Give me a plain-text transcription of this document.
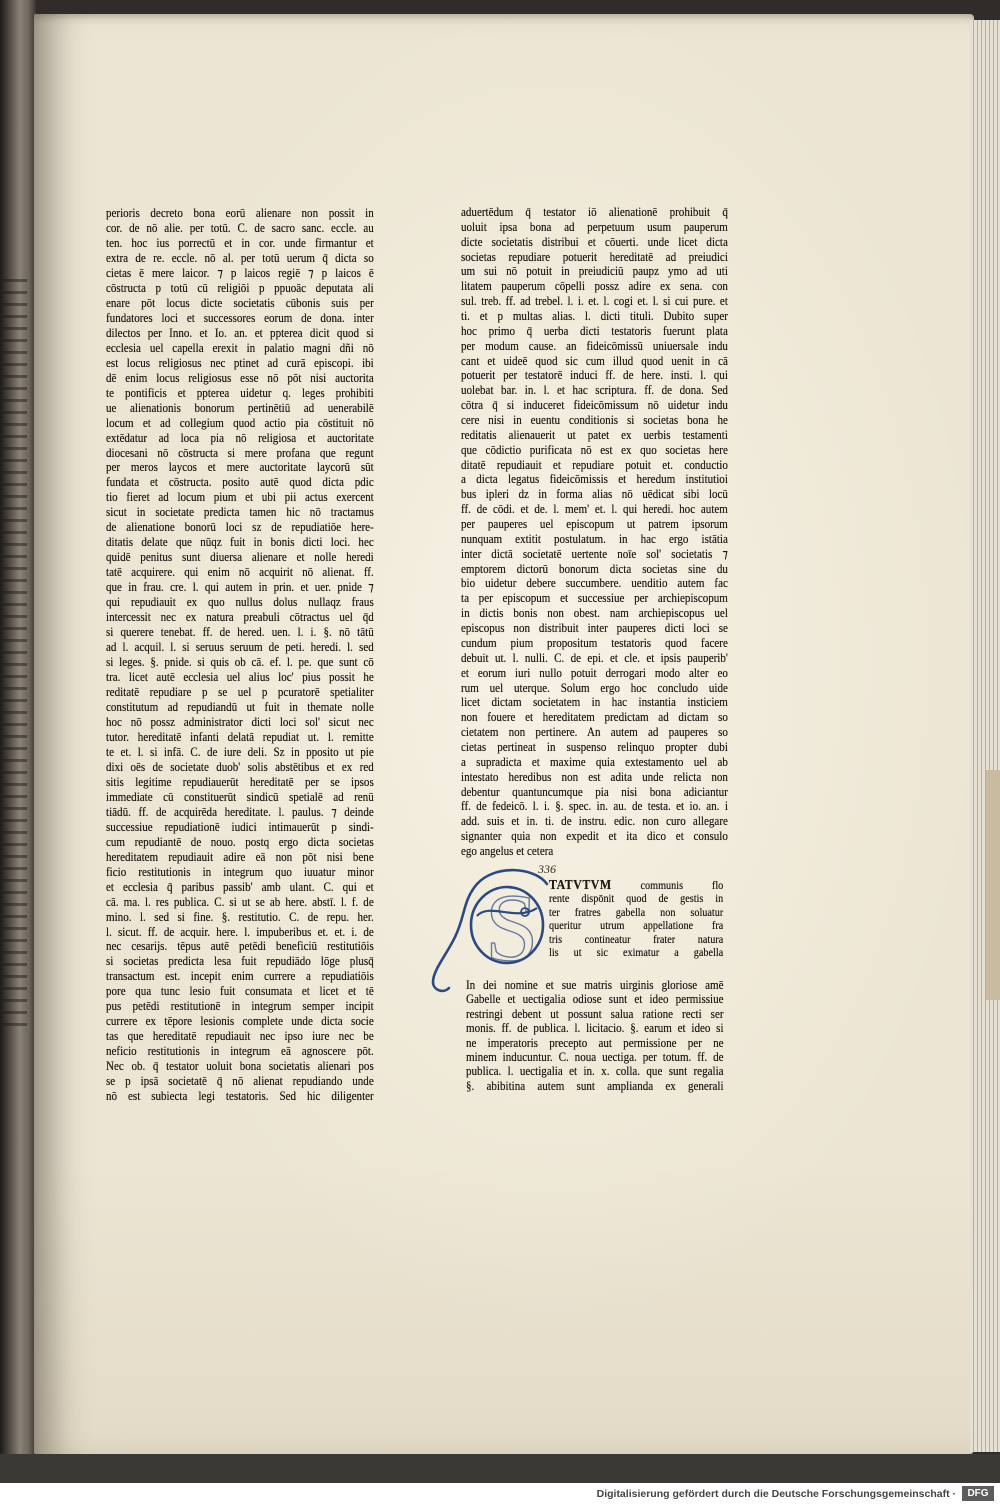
perioris decreto bona eorū alienare non possit in
cor. de nō alie. per totū. C. de sacro sanc. eccle. au
ten. hoc ius porrectū et in cor. unde firmantur et
extra de re. eccle. nō al. per totū uerum q̄ dicta so
cietas ē mere laicor. ⁊ p laicos regiē ⁊ p laicos ē
cōstructa p totū cū religiōi p ppuoāc deputata ali
enare pōt locus dicte societatis cūbonis suis per
fundatores loci et successores eorum de dona. inter
dilectos per Inno. et Io. an. et ppterea dicit quod si
ecclesia uel capella erexit in palatio magni dñi nō
est locus religiosus nec ptinet ad curā episcopi. ibi
dē enim locus religiosus esse nō pōt nisi auctorita
te pontificis et ppterea uidetur q. leges prohibiti
ue alienationis bonorum pertinētiū ad uenerabilē
locum et ad collegium quod actio pia cōstituit nō
extēdatur ad loca pia nō religiosa et auctoritate
diocesani nō cōstructa si mere profana que regunt
per meros laycos et mere auctoritate laycorū sūt
fundata et cōstructa. posito autē quod dicta pdic
tio fieret ad locum pium et ubi pii actus exercent
sicut in societate predicta tamen hic nō tractamus
de alienatione bonorū loci sz de repudiatiōe here-
ditatis delate que nūqz fuit in bonis dicti loci. hec
quidē penitus sunt diuersa alienare et nolle heredi
tatē acquirere. qui enim nō acquirit nō alienat. ff.
que in frau. cre. l. qui autem in prin. et uer. pnide ⁊
qui repudiauit ex quo nullus dolus nullaqz fraus
intercessit nec ex natura preabuli cōtractus uel q̄d
si querere tenebat. ff. de hered. uen. l. i. §. nō tātū
ad l. acquil. l. si seruus seruum de peti. heredi. l. sed
si leges. §. pnide. si quis ob cā. ef. l. pe. que sunt cō
tra. licet autē ecclesia uel alius loc' pius possit he
reditatē repudiare p se uel p pcuratorē spetialiter
constitutum ad repudiandū ut fuit in themate nolle
hoc nō possz administrator dicti loci sol' sicut nec
tutor. hereditatē infanti delatā repudiat ut. l. remitte
te et. l. si infā. C. de iure deli. Sz in pposito ut pie
dixi oēs de societate duob' solis abstētibus et ex red
sitis legitime repudiauerūt hereditatē per se ipsos
immediate cū constituerūt sindicū spetialē ad renū
tiādū. ff. de acquirēda hereditate. l. paulus. ⁊ deinde
successiue repudiationē iudici intimauerūt p sindi-
cum repudiantē de nouo. postq ergo dicta societas
hereditatem repudiauit adire eā non pōt nisi bene
ficio restitutionis in integrum quo iuuatur minor
et ecclesia q̄ paribus passib' amb ulant. C. qui et
cā. ma. l. res publica. C. si ut se ab here. abstī. l. f. de
mino. l. sed si fine. §. restitutio. C. de repu. her.
l. sicut. ff. de acquir. here. l. impuberibus et. et. i. de
nec cesarijs. tēpus autē petēdi beneficiū restitutiōis
si societas predicta lesa fuit repudiādo lōge plusq̄
transactum est. incepit enim currere a repudiatiōis
pore qua tunc lesio fuit consumata et licet et tē
pus petēdi restitutionē in integrum semper incipit
currere ex tēpore lesionis complete unde dicta socie
tas que hereditatē repudiauit nec ipso iure nec be
neficio restitutionis in integrum eā agnoscere pōt.
Nec ob. q̄ testator uoluit bona societatis alienari pos
se p ipsā societatē q̄ nō alienat repudiando unde
nō est subiecta legi testatoris. Sed hic diligenter
aduertēdum q̄ testator iō alienationē prohibuit q̄
uoluit ipsa bona ad perpetuum usum pauperum
dicte societatis distribui et cōuerti. unde licet dicta
societas repudiare potuerit hereditatē ad preiudici
um sui nō potuit in preiudiciū paupz ymo ad uti
litatem pauperum cōpelli possz adire ex sena. con
sul. treb. ff. ad trebel. l. i. et. l. cogi et. l. si cui pure. et
ti. et p multas alias. l. dicti tituli. Dubito super
hoc primo q̄ uerba dicti testatoris fuerunt plata
per modum cause. an fideicōmissū uniuersale indu
cant et uideē quod sic cum illud quod uenit in cā
potuerit per testatorē induci ff. de here. insti. l. qui
uolebat bar. in. l. et hac scriptura. ff. de dona. Sed
cōtra q̄ si induceret fideicōmissum nō uidetur indu
cere nisi in euentu conditionis si societas bona he
reditatis alienauerit ut patet ex uerbis testamenti
que cōdictio purificata nō est ex quo societas here
ditatē repudiauit et repudiare potuit et. conductio
a dicta legatus fideicōmissis et heredum institutioi
bus ipleri dz in forma alias nō uēdicat sibi locū
ff. de cōdi. et de. l. mem' et. l. qui heredi. hoc autem
per pauperes uel episcopum ut patrem ipsorum
nunquam extitit postulatum. in hac ergo istātia
inter dictā societatē uertente noīe sol' societatis ⁊
emptorem dictorū bonorum dicta societas sine du
bio uidetur debere succumbere. uenditio autem fac
ta per episcopum et successiue per archiepiscopum
in dictis bonis non obest. nam archiepiscopus uel
episcopus non distribuit inter pauperes dicti loci se
cundum pium propositum testatoris quod facere
debuit ut. l. nulli. C. de epi. et cle. et ipsis pauperib'
et eorum iuri nullo potuit derrogari modo alter eo
rum uel uterque. Solum ergo hoc concludo uide
licet dictam societatem in hac instantia insticiem
non fouere et hereditatem predictam ad dictam so
cietatem non pertinere. An autem ad pauperes so
cietas pertineat in suspenso relinquo propter dubi
a supradicta et maxime quia extestamento uel ab
intestato heredibus non est adita unde relicta non
debentur quantuncumque pia nisi bona adiciantur
ff. de fedeicō. l. i. §. spec. in. au. de testa. et io. an. i
add. suis et in. ti. de instru. edic. non curo allegare
signanter quia non expedit et ita dico et consulo
ego angelus et cetera
336
S TATVTVM communis flo
rente dispōnit quod de gestis in
ter fratres gabella non soluatur
queritur utrum appellatione fra
tris contineatur frater natura
lis ut sic eximatur a gabella
In dei nomine et sue matris uirginis gloriose amē
Gabelle et uectigalia odiose sunt et ideo permissiue
restringi debent ut possunt salua ratione recti ser
monis. ff. de publica. l. licitacio. §. earum et ideo si
ne imperatoris precepto aut permissione per ne
minem inducuntur. C. noua uectiga. per totum. ff. de
publica. l. uectigalia et in. x. colla. que sunt regalia
§. abibitina autem sunt amplianda ex generali
Digitalisierung gefördert durch die Deutsche Forschungsgemeinschaft ·	DFG
